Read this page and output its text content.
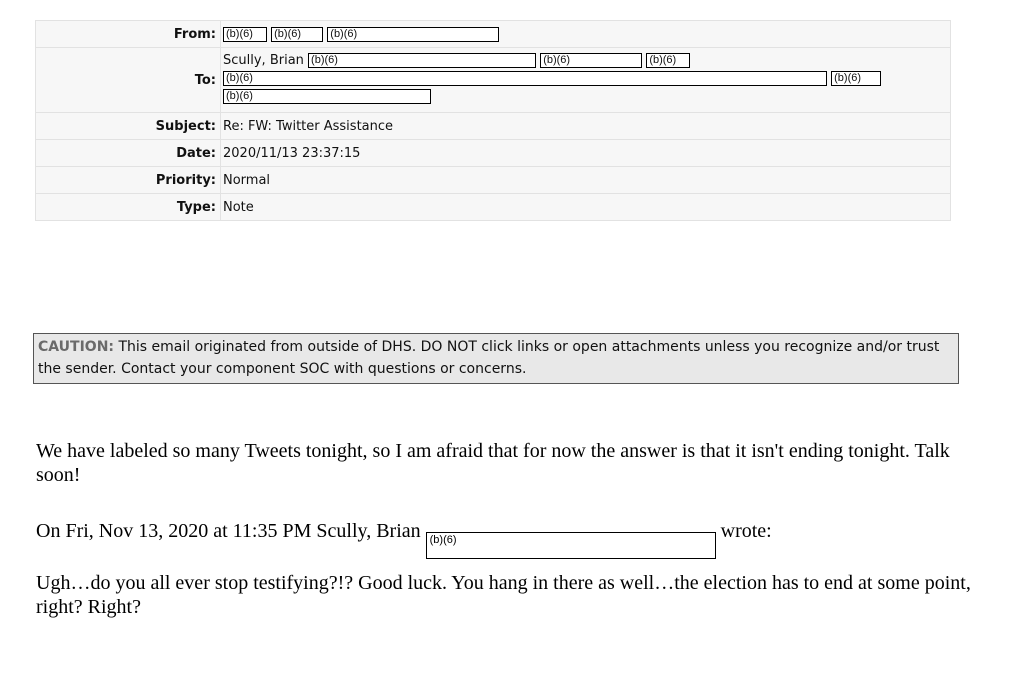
From:	(b)(6) (b)(6) (b)(6)
To:	Scully, Brian (b)(6) (b)(6) (b)(6)
(b)(6) (b)(6)
(b)(6)

Subject:	Re: FW: Twitter Assistance
Date:	2020/11/13 23:37:15
Priority:	Normal
Type:	Note
CAUTION: This email originated from outside of DHS. DO NOT click links or open attachments unless you recognize and/or trust the sender. Contact your component SOC with questions or concerns.
We have labeled so many Tweets tonight, so I am afraid that for now the answer is that it isn't ending tonight. Talk soon!
On Fri, Nov 13, 2020 at 11:35 PM Scully, Brian (b)(6)	wrote:
Ugh…do you all ever stop testifying?!? Good luck. You hang in there as well…the election has to end at some point, right? Right?
